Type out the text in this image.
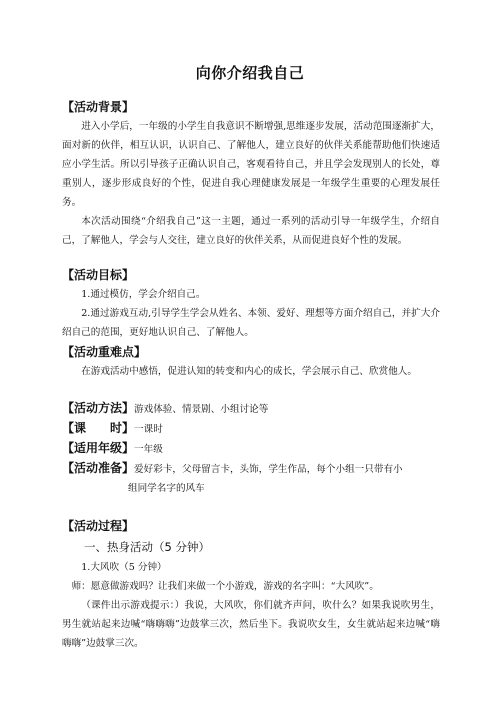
向你介绍我自己
【活动背景】
进入小学后，一年级的小学生自我意识不断增强,思维逐步发展，活动范围逐渐扩大，面对新的伙伴，相互认识，认识自己、了解他人，建立良好的伙伴关系能帮助他们快速适应小学生活。所以引导孩子正确认识自己，客观看待自己，并且学会发现别人的长处，尊重别人，逐步形成良好的个性，促进自我心理健康发展是一年级学生重要的心理发展任务。
本次活动围绕“介绍我自己”这一主题，通过一系列的活动引导一年级学生，介绍自己，了解他人，学会与人交往，建立良好的伙伴关系，从而促进良好个性的发展。
【活动目标】
1.通过模仿，学会介绍自己。
2.通过游戏互动,引导学生学会从姓名、本领、爱好、理想等方面介绍自己，并扩大介绍自己的范围，更好地认识自己、了解他人。
【活动重难点】
在游戏活动中感悟，促进认知的转变和内心的成长，学会展示自己、欣赏他人。
【活动方法】游戏体验、情景剧、小组讨论等
【课　　时】一课时
【适用年级】一年级
【活动准备】爱好彩卡，父母留言卡，头饰，学生作品，每个小组一只带有小
组同学名字的风车
【活动过程】
一、热身活动（5 分钟）
1.大风吹（5 分钟）
师：愿意做游戏吗？让我们来做一个小游戏，游戏的名字叫：“大风吹”。
（课件出示游戏提示：）我说，大风吹，你们就齐声问，吹什么？如果我说吹男生，男生就站起来边喊“嗨嗨嗨”边鼓掌三次，然后坐下。我说吹女生，女生就站起来边喊“嗨嗨嗨”边鼓掌三次。
